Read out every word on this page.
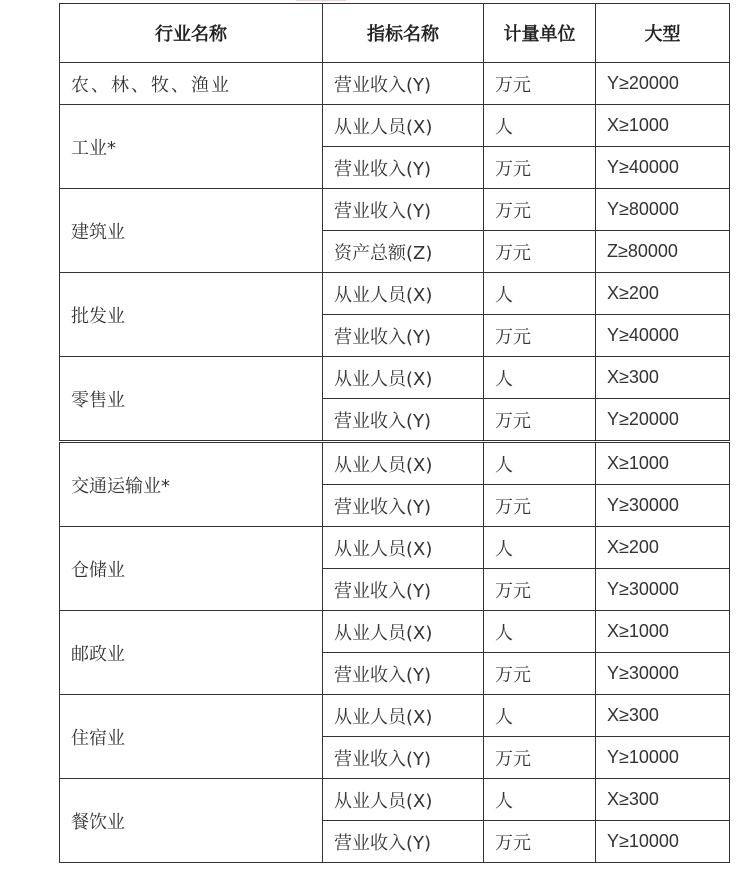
行业名称	指标名称	计量单位	大型
农、林、牧、渔业	营业收入(Y)	万元	Y≥20000
工业*	从业人员(X)	人	X≥1000
	营业收入(Y)	万元	Y≥40000
建筑业	营业收入(Y)	万元	Y≥80000
	资产总额(Z)	万元	Z≥80000
批发业	从业人员(X)	人	X≥200
	营业收入(Y)	万元	Y≥40000
零售业	从业人员(X)	人	X≥300
	营业收入(Y)	万元	Y≥20000
交通运输业*	从业人员(X)	人	X≥1000
	营业收入(Y)	万元	Y≥30000
仓储业	从业人员(X)	人	X≥200
	营业收入(Y)	万元	Y≥30000
邮政业	从业人员(X)	人	X≥1000
	营业收入(Y)	万元	Y≥30000
住宿业	从业人员(X)	人	X≥300
	营业收入(Y)	万元	Y≥10000
餐饮业	从业人员(X)	人	X≥300
	营业收入(Y)	万元	Y≥10000
